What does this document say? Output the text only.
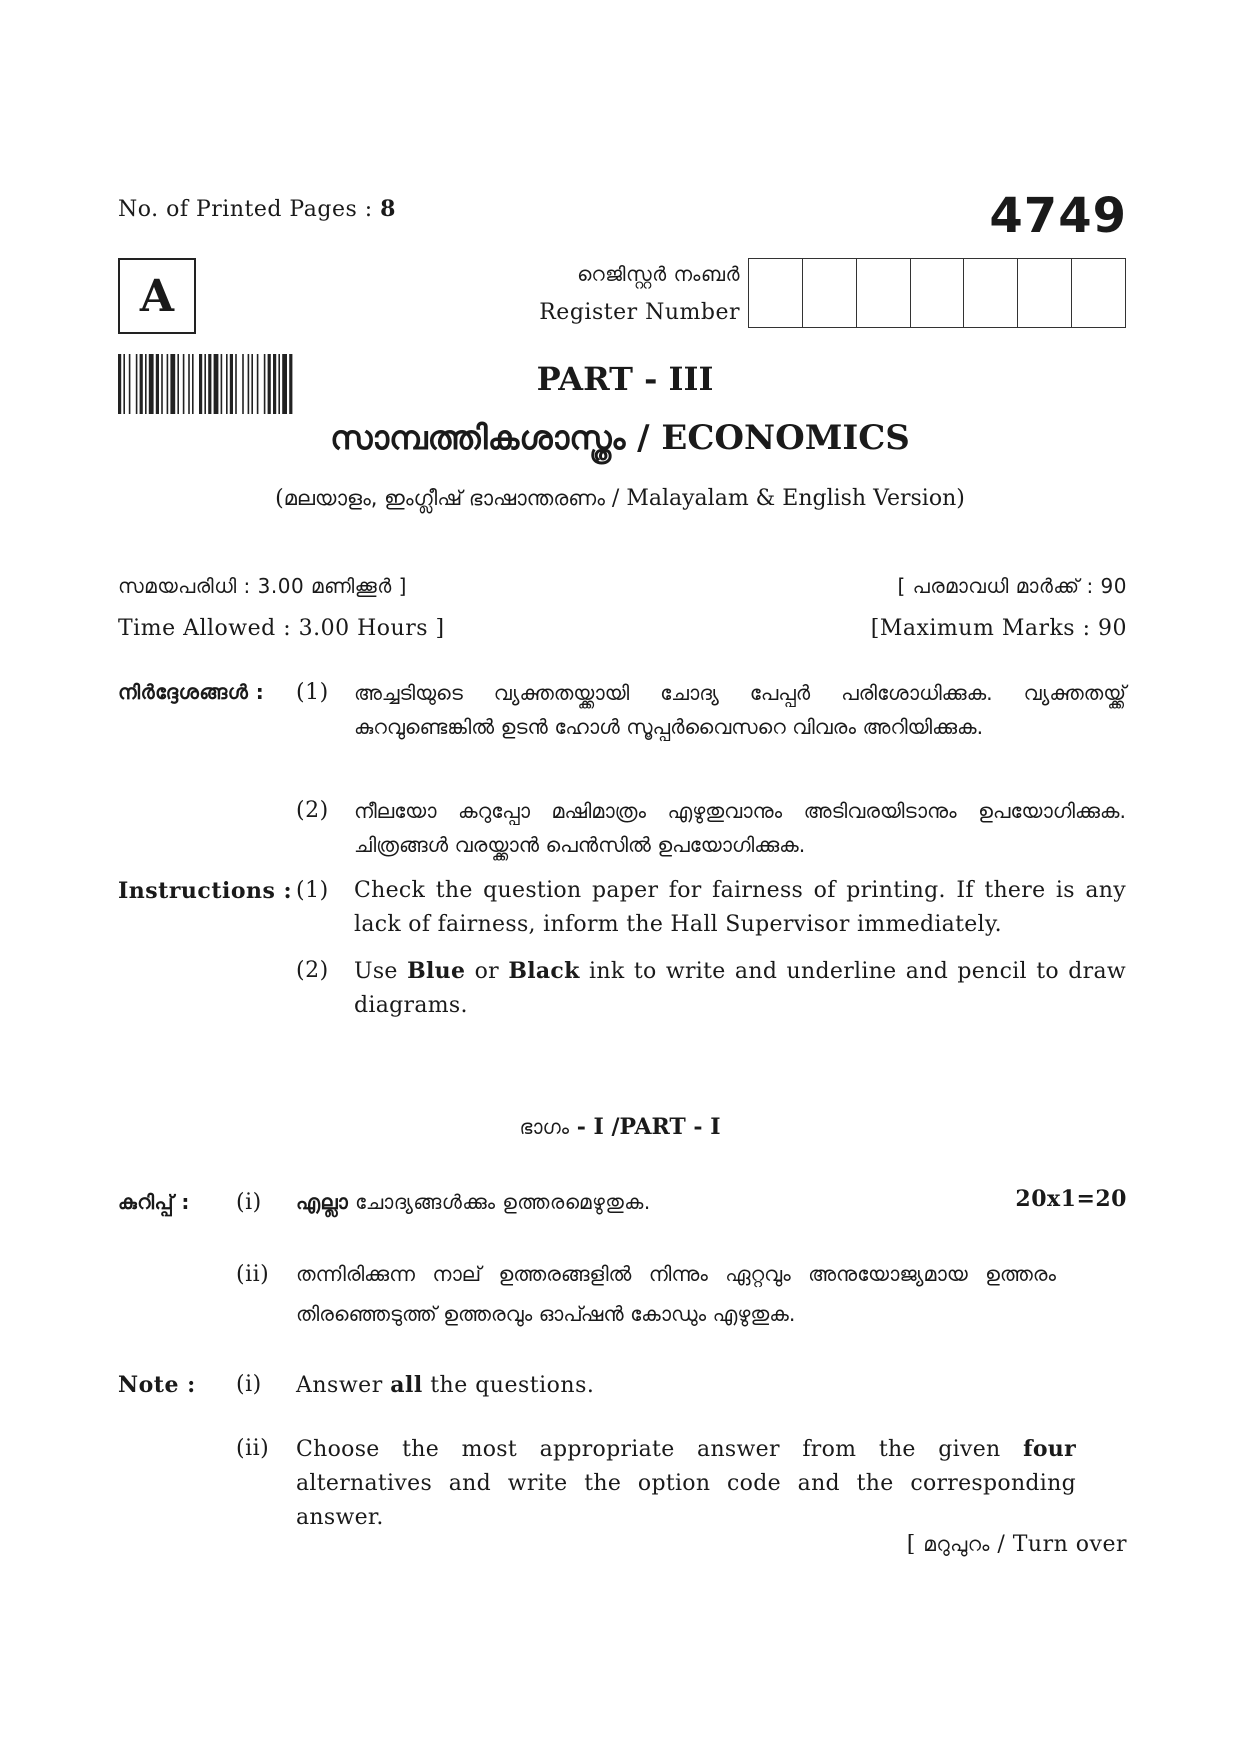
No. of Printed Pages : 8	4749
A	റെജിസ്റ്റർ നംബർ
Register Number
PART - III
സാമ്പത്തികശാസ്ത്രം / ECONOMICS
(മലയാളം, ഇംഗ്ലീഷ് ഭാഷാന്തരണം / Malayalam & English Version)
സമയപരിധി : 3.00 മണിക്കൂർ ]
Time Allowed : 3.00 Hours ]
[ പരമാവധി മാർക്ക് : 90
[Maximum Marks : 90
നിർദ്ദേശങ്ങൾ : (1) അച്ചടിയുടെ വ്യക്തതയ്ക്കായി ചോദ്യ പേപ്പർ പരിശോധിക്കുക. വ്യക്തതയ്ക്ക് കുറവുണ്ടെങ്കിൽ ഉടൻ ഹോൾ സൂപ്പർവൈസറെ വിവരം അറിയിക്കുക.
(2) നീലയോ കറുപ്പോ മഷിമാത്രം എഴുതുവാനും അടിവരയിടാനും ഉപയോഗിക്കുക. ചിത്രങ്ങൾ വരയ്ക്കാൻ പെൻസിൽ ഉപയോഗിക്കുക.
Instructions : (1) Check the question paper for fairness of printing. If there is any lack of fairness, inform the Hall Supervisor immediately.
(2) Use Blue or Black ink to write and underline and pencil to draw diagrams.
ഭാഗം - I /PART - I
കുറിപ്പ് : (i) എല്ലാ ചോദ്യങ്ങൾക്കും ഉത്തരമെഴുതുക.	20x1=20
(ii) തന്നിരിക്കുന്ന നാല് ഉത്തരങ്ങളിൽ നിന്നും ഏറ്റവും അനുയോജ്യമായ ഉത്തരം തിരഞ്ഞെടുത്ത് ഉത്തരവും ഓപ്ഷൻ കോഡും എഴുതുക.
Note : (i) Answer all the questions.
(ii) Choose the most appropriate answer from the given four alternatives and write the option code and the corresponding answer.
[ മറുപുറം / Turn over
